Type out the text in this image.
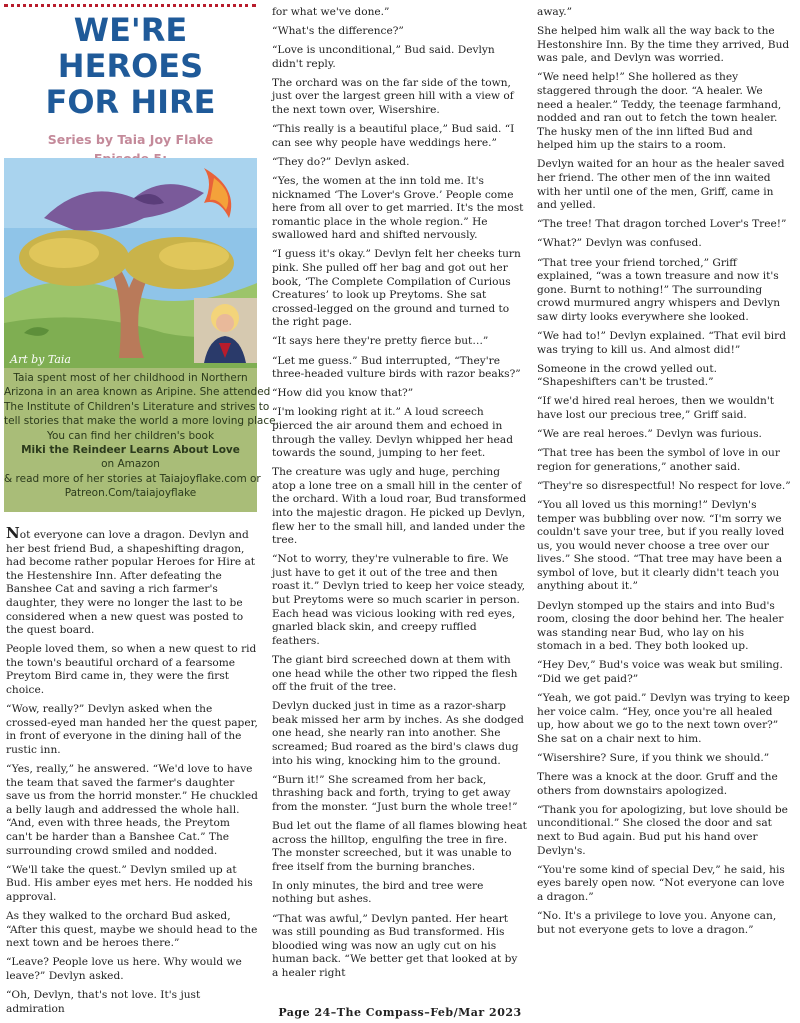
WE'RE HEROES
FOR HIRE
Series by Taia Joy Flake
Art by Taia
Taia spent most of her childhood in Northern
Arizona in an area known as Aripine. She attended
The Institute of Children's Literature and strives to
tell stories that make the world a more loving place.
You can find her children's book
Miki the Reindeer Learns About Love
on Amazon
& read more of her stories at Taiajoyflake.com or
Patreon.Com/taiajoyflake

Not everyone can love a dragon. Devlyn and her best friend Bud, a shapeshifting dragon, had become rather popular Heroes for Hire at the Hestenshire Inn. After defeating the Banshee Cat and saving a rich farmer's daughter, they were no longer the last to be considered when a new quest was posted to the quest board.

People loved them, so when a new quest to rid the town's beautiful orchard of a fearsome Preytom Bird came in, they were the first choice.

“Wow, really?” Devlyn asked when the crossed-eyed man handed her the quest paper, in front of everyone in the dining hall of the rustic inn.

“Yes, really,” he answered. “We'd love to have the team that saved the farmer's daughter save us from the horrid monster.” He chuckled a belly laugh and addressed the whole hall. “And, even with three heads, the Preytom can't be harder than a Banshee Cat.” The surrounding crowd smiled and nodded.

“We'll take the quest.” Devlyn smiled up at Bud. His amber eyes met hers. He nodded his approval.

As they walked to the orchard Bud asked, “After this quest, maybe we should head to the next town and be heroes there.”

“Leave? People love us here. Why would we leave?” Devlyn asked.

“Oh, Devlyn, that's not love. It's just admiration

for what we've done.”

“What's the difference?”

“Love is unconditional,” Bud said. Devlyn didn't reply.

The orchard was on the far side of the town, just over the largest green hill with a view of the next town over, Wisershire.

“This really is a beautiful place,” Bud said. “I can see why people have weddings here.”

“They do?” Devlyn asked.

“Yes, the women at the inn told me. It's nicknamed ‘The Lover's Grove.’ People come here from all over to get married. It's the most romantic place in the whole region.” He swallowed hard and shifted nervously.

“I guess it's okay.” Devlyn felt her cheeks turn pink. She pulled off her bag and got out her book, ‘The Complete Compilation of Curious Creatures’ to look up Preytoms. She sat crossed-legged on the ground and turned to the right page.

“It says here they're pretty fierce but…”

“Let me guess.” Bud interrupted, “They're three-headed vulture birds with razor beaks?”

“How did you know that?”

“I'm looking right at it.” A loud screech pierced the air around them and echoed in through the valley. Devlyn whipped her head towards the sound, jumping to her feet.

The creature was ugly and huge, perching atop a lone tree on a small hill in the center of the orchard. With a loud roar, Bud transformed into the majestic dragon. He picked up Devlyn, flew her to the small hill, and landed under the tree.

“Not to worry, they're vulnerable to fire. We just have to get it out of the tree and then roast it.” Devlyn tried to keep her voice steady, but Preytoms were so much scarier in person. Each head was vicious looking with red eyes, gnarled black skin, and creepy ruffled feathers.

The giant bird screeched down at them with one head while the other two ripped the flesh off the fruit of the tree.

Devlyn ducked just in time as a razor-sharp beak missed her arm by inches. As she dodged one head, she nearly ran into another. She screamed; Bud roared as the bird's claws dug into his wing, knocking him to the ground.

“Burn it!” She screamed from her back, thrashing back and forth, trying to get away from the monster. “Just burn the whole tree!”

Bud let out the flame of all flames blowing heat across the hilltop, engulfing the tree in fire. The monster screeched, but it was unable to free itself from the burning branches.

In only minutes, the bird and tree were nothing but ashes.

“That was awful,” Devlyn panted. Her heart was still pounding as Bud transformed. His bloodied wing was now an ugly cut on his human back. “We better get that looked at by a healer right

away.”

She helped him walk all the way back to the Hestonshire Inn. By the time they arrived, Bud was pale, and Devlyn was worried.

“We need help!” She hollered as they staggered through the door. “A healer. We need a healer.” Teddy, the teenage farmhand, nodded and ran out to fetch the town healer. The husky men of the inn lifted Bud and helped him up the stairs to a room.

Devlyn waited for an hour as the healer saved her friend. The other men of the inn waited with her until one of the men, Griff, came in and yelled.

“The tree! That dragon torched Lover's Tree!”

“What?” Devlyn was confused.

“That tree your friend torched,” Griff explained, “was a town treasure and now it's gone. Burnt to nothing!” The surrounding crowd murmured angry whispers and Devlyn saw dirty looks everywhere she looked.

“We had to!” Devlyn explained. “That evil bird was trying to kill us. And almost did!”

Someone in the crowd yelled out. “Shapeshifters can't be trusted.”

“If we'd hired real heroes, then we wouldn't have lost our precious tree,” Griff said.

“We are real heroes.” Devlyn was furious.

“That tree has been the symbol of love in our region for generations,” another said.

“They're so disrespectful! No respect for love.”

“You all loved us this morning!” Devlyn's temper was bubbling over now. “I'm sorry we couldn't save your tree, but if you really loved us, you would never choose a tree over our lives.” She stood. “That tree may have been a symbol of love, but it clearly didn't teach you anything about it.”

Devlyn stomped up the stairs and into Bud's room, closing the door behind her. The healer was standing near Bud, who lay on his stomach in a bed. They both looked up.

“Hey Dev,” Bud's voice was weak but smiling. “Did we get paid?”

“Yeah, we got paid.” Devlyn was trying to keep her voice calm. “Hey, once you're all healed up, how about we go to the next town over?” She sat on a chair next to him.

“Wisershire? Sure, if you think we should.”

There was a knock at the door. Gruff and the others from downstairs apologized.

“Thank you for apologizing, but love should be unconditional.” She closed the door and sat next to Bud again. Bud put his hand over Devlyn's.

“You're some kind of special Dev,” he said, his eyes barely open now. “Not everyone can love a dragon.”

“No. It's a privilege to love you. Anyone can, but not everyone gets to love a dragon.”

Page 24–The Compass–Feb/Mar 2023
